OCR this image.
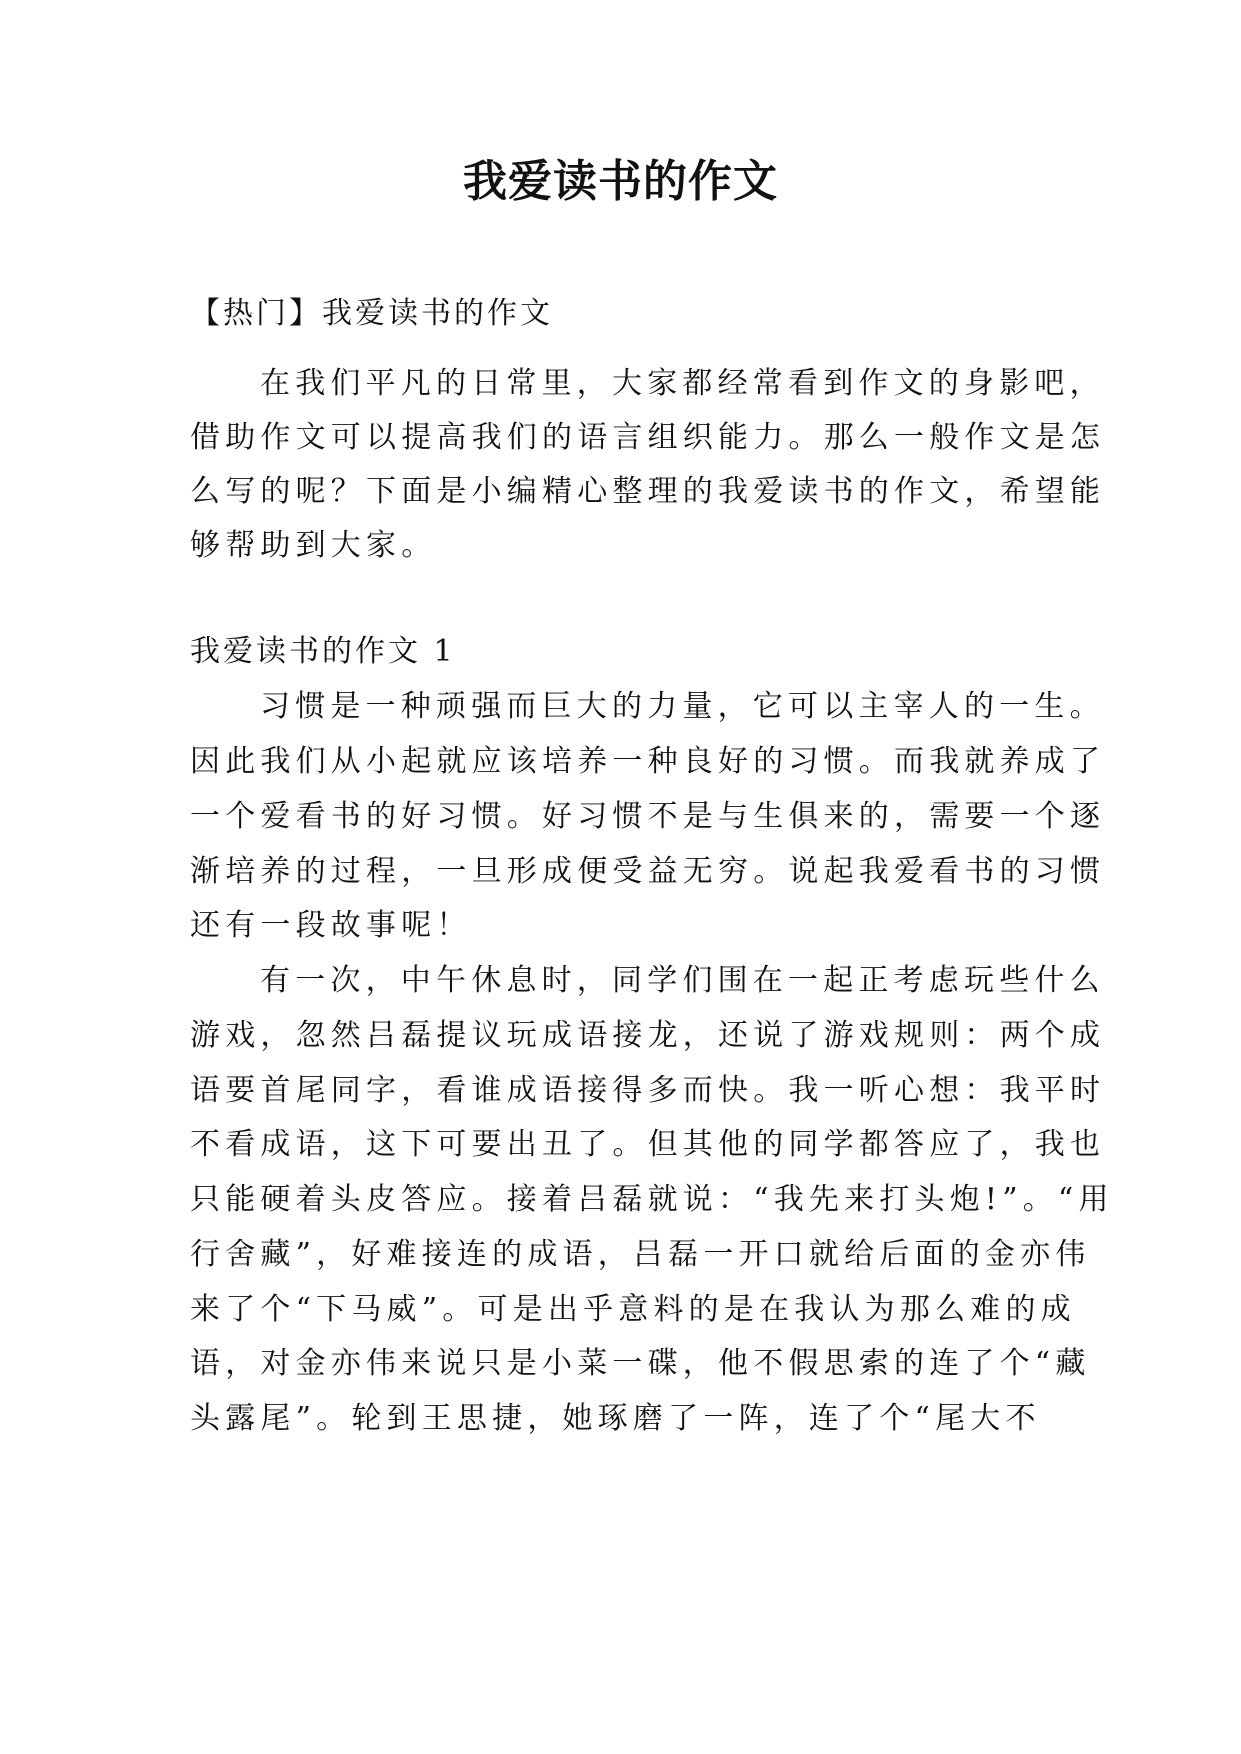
我爱读书的作文

【热门】我爱读书的作文

在我们平凡的日常里，大家都经常看到作文的身影吧，

借助作文可以提高我们的语言组织能力。那么一般作文是怎

么写的呢？下面是小编精心整理的我爱读书的作文，希望能

够帮助到大家。

我爱读书的作文 1

习惯是一种顽强而巨大的力量，它可以主宰人的一生。

因此我们从小起就应该培养一种良好的习惯。而我就养成了

一个爱看书的好习惯。好习惯不是与生俱来的，需要一个逐

渐培养的过程，一旦形成便受益无穷。说起我爱看书的习惯

还有一段故事呢！

有一次，中午休息时，同学们围在一起正考虑玩些什么

游戏，忽然吕磊提议玩成语接龙，还说了游戏规则：两个成

语要首尾同字，看谁成语接得多而快。我一听心想：我平时

不看成语，这下可要出丑了。但其他的同学都答应了，我也

只能硬着头皮答应。接着吕磊就说：“我先来打头炮!”。“用

行舍藏”，好难接连的成语，吕磊一开口就给后面的金亦伟

来了个“下马威”。可是出乎意料的是在我认为那么难的成

语，对金亦伟来说只是小菜一碟，他不假思索的连了个“藏

头露尾”。轮到王思捷，她琢磨了一阵，连了个“尾大不
